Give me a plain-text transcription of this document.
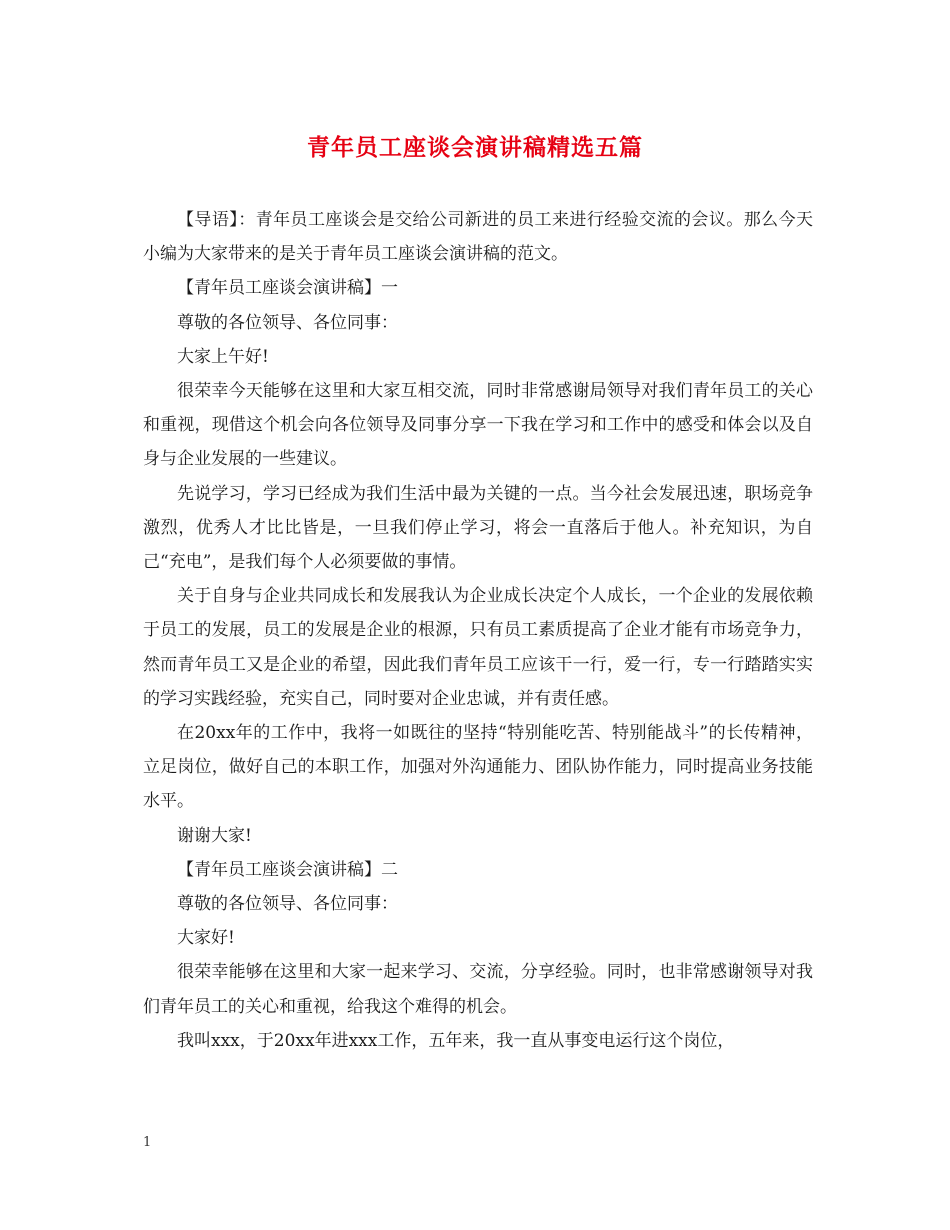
青年员工座谈会演讲稿精选五篇

【导语】：青年员工座谈会是交给公司新进的员工来进行经验交流的会议。那么今天小编为大家带来的是关于青年员工座谈会演讲稿的范文。

【青年员工座谈会演讲稿】一

尊敬的各位领导、各位同事：

大家上午好!

很荣幸今天能够在这里和大家互相交流，同时非常感谢局领导对我们青年员工的关心和重视，现借这个机会向各位领导及同事分享一下我在学习和工作中的感受和体会以及自身与企业发展的一些建议。

先说学习，学习已经成为我们生活中最为关键的一点。当今社会发展迅速，职场竞争激烈，优秀人才比比皆是，一旦我们停止学习，将会一直落后于他人。补充知识，为自己“充电”，是我们每个人必须要做的事情。

关于自身与企业共同成长和发展我认为企业成长决定个人成长，一个企业的发展依赖于员工的发展，员工的发展是企业的根源，只有员工素质提高了企业才能有市场竞争力，然而青年员工又是企业的希望，因此我们青年员工应该干一行，爱一行，专一行踏踏实实的学习实践经验，充实自己，同时要对企业忠诚，并有责任感。

在20xx年的工作中，我将一如既往的坚持“特别能吃苦、特别能战斗”的长传精神，立足岗位，做好自己的本职工作，加强对外沟通能力、团队协作能力，同时提高业务技能水平。

谢谢大家!

【青年员工座谈会演讲稿】二

尊敬的各位领导、各位同事：

大家好!

很荣幸能够在这里和大家一起来学习、交流，分享经验。同时，也非常感谢领导对我们青年员工的关心和重视，给我这个难得的机会。

我叫xxx，于20xx年进xxx工作，五年来，我一直从事变电运行这个岗位，

1
